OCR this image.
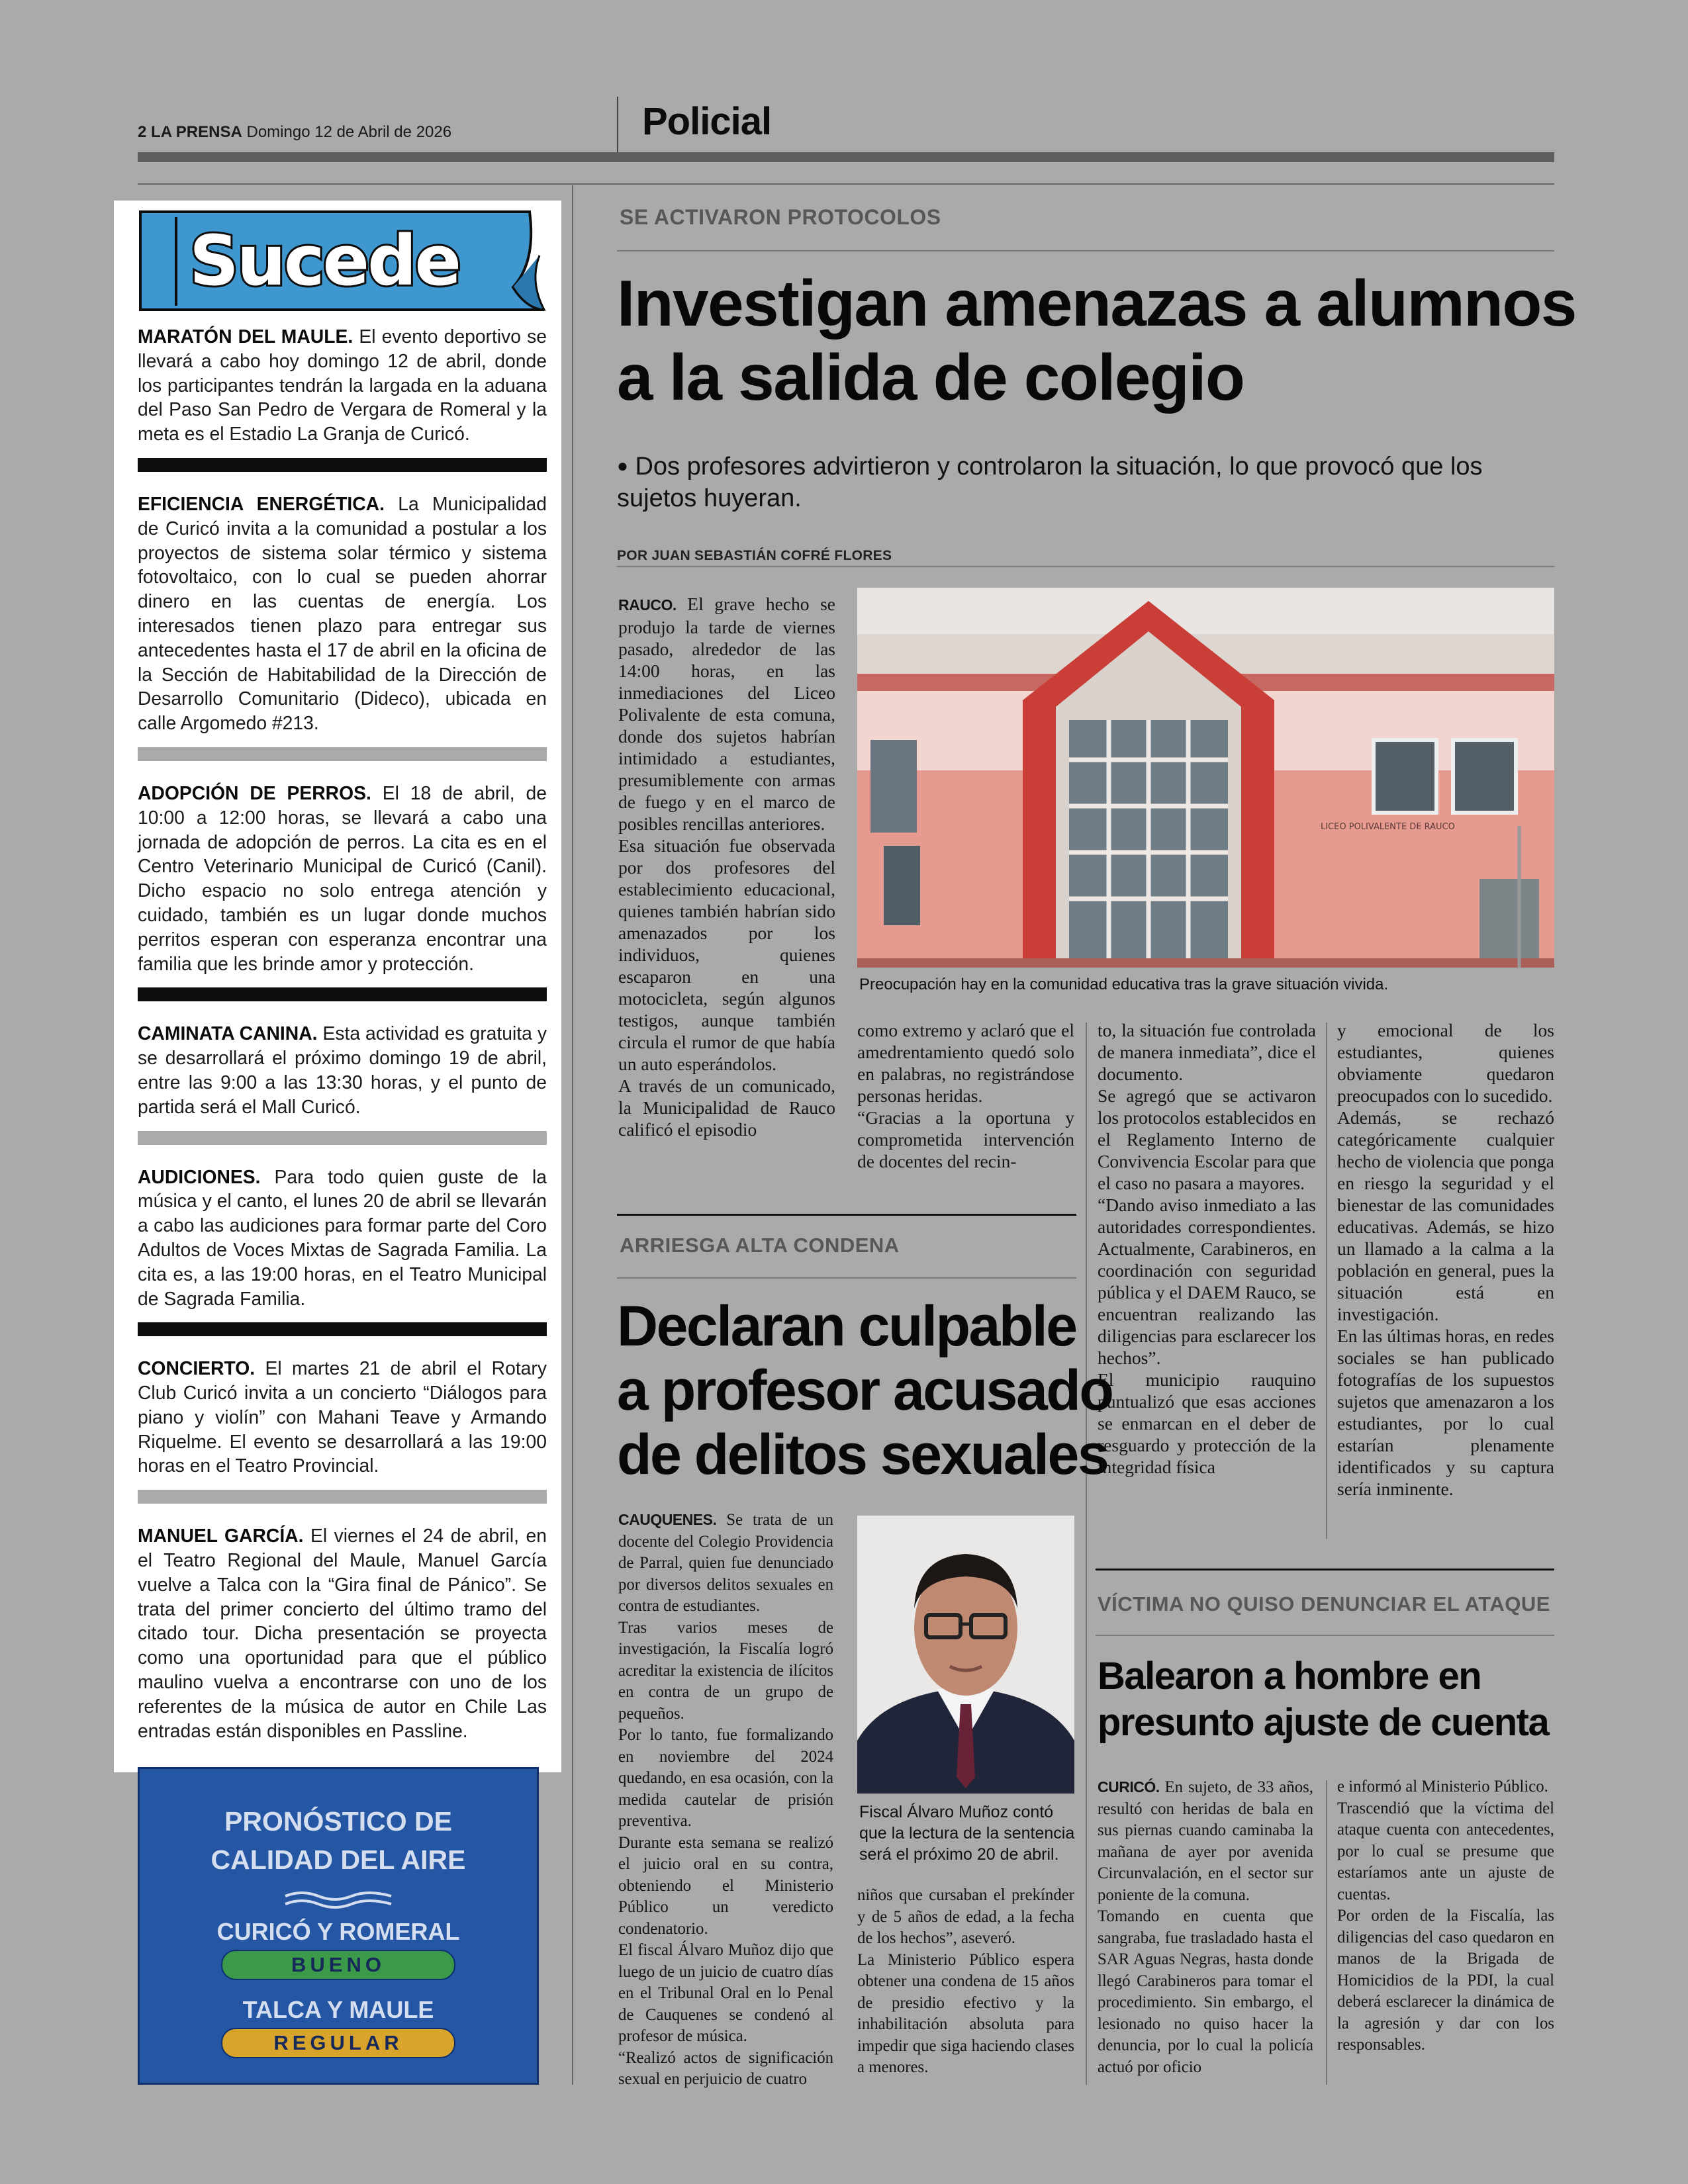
2 LA PRENSA Domingo 12 de Abril de 2026	Policial
Sucede

MARATÓN DEL MAULE. El evento deportivo se llevará a cabo hoy domingo 12 de abril, donde los participantes tendrán la largada en la aduana del Paso San Pedro de Vergara de Romeral y la meta es el Estadio La Granja de Curicó.

EFICIENCIA ENERGÉTICA. La Municipalidad de Curicó invita a la comunidad a postular a los proyectos de sistema solar térmico y sistema fotovoltaico, con lo cual se pueden ahorrar dinero en las cuentas de energía. Los interesados tienen plazo para entregar sus antecedentes hasta el 17 de abril en la oficina de la Sección de Habitabilidad de la Dirección de Desarrollo Comunitario (Dideco), ubicada en calle Argomedo #213.

ADOPCIÓN DE PERROS. El 18 de abril, de 10:00 a 12:00 horas, se llevará a cabo una jornada de adopción de perros. La cita es en el Centro Veterinario Municipal de Curicó (Canil). Dicho espacio no solo entrega atención y cuidado, también es un lugar donde muchos perritos esperan con esperanza encontrar una familia que les brinde amor y protección.

CAMINATA CANINA. Esta actividad es gratuita y se desarrollará el próximo domingo 19 de abril, entre las 9:00 a las 13:30 horas, y el punto de partida será el Mall Curicó.

AUDICIONES. Para todo quien guste de la música y el canto, el lunes 20 de abril se llevarán a cabo las audiciones para formar parte del Coro Adultos de Voces Mixtas de Sagrada Familia. La cita es, a las 19:00 horas, en el Teatro Municipal de Sagrada Familia.

CONCIERTO. El martes 21 de abril el Rotary Club Curicó invita a un concierto “Diálogos para piano y violín” con Mahani Teave y Armando Riquelme. El evento se desarrollará a las 19:00 horas en el Teatro Provincial.

MANUEL GARCÍA. El viernes el 24 de abril, en el Teatro Regional del Maule, Manuel García vuelve a Talca con la “Gira final de Pánico”. Se trata del primer concierto del último tramo del citado tour. Dicha presentación se proyecta como una oportunidad para que el público maulino vuelva a encontrarse con uno de los referentes de la música de autor en Chile Las entradas están disponibles en Passline.

PRONÓSTICO DE
CALIDAD DEL AIRE
CURICÓ Y ROMERAL
BUENO
TALCA Y MAULE
REGULAR
SE ACTIVARON PROTOCOLOS
Investigan amenazas a alumnos
a la salida de colegio
● Dos profesores advirtieron y controlaron la situación, lo que provocó que los sujetos huyeran.
POR JUAN SEBASTIÁN COFRÉ FLORES

RAUCO. El grave hecho se produjo la tarde de viernes pasado, alrededor de las 14:00 horas, en las inmediaciones del Liceo Polivalente de esta comuna, donde dos sujetos habrían intimidado a estudiantes, presumiblemente con armas de fuego y en el marco de posibles rencillas anteriores.

Esa situación fue observada por dos profesores del establecimiento educacional, quienes también habrían sido amenazados por los individuos, quienes escaparon en una motocicleta, según algunos testigos, aunque también circula el rumor de que había un auto esperándolos.

A través de un comunicado, la Municipalidad de Rauco calificó el episodio

LICEO POLIVALENTE DE RAUCO
Preocupación hay en la comunidad educativa tras la grave situación vivida.

como extremo y aclaró que el amedrentamiento quedó solo en palabras, no registrándose personas heridas.

“Gracias a la oportuna y comprometida intervención de docentes del recin-

to, la situación fue controlada de manera inmediata”, dice el documento.

Se agregó que se activaron los protocolos establecidos en el Reglamento Interno de Convivencia Escolar para que el caso no pasara a mayores.

“Dando aviso inmediato a las autoridades correspondientes. Actualmente, Carabineros, en coordinación con seguridad pública y el DAEM Rauco, se encuentran realizando las diligencias para esclarecer los hechos”.

El municipio rauquino puntualizó que esas acciones se enmarcan en el deber de resguardo y protección de la integridad física

y emocional de los estudiantes, quienes obviamente quedaron preocupados con lo sucedido.

Además, se rechazó categóricamente cualquier hecho de violencia que ponga en riesgo la seguridad y el bienestar de las comunidades educativas. Además, se hizo un llamado a la calma a la población en general, pues la situación está en investigación.

En las últimas horas, en redes sociales se han publicado fotografías de los supuestos sujetos que amenazaron a los estudiantes, por lo cual estarían plenamente identificados y su captura sería inminente.

ARRIESGA ALTA CONDENA
Declaran culpable
a profesor acusado
de delitos sexuales

CAUQUENES. Se trata de un docente del Colegio Providencia de Parral, quien fue denunciado por diversos delitos sexuales en contra de estudiantes.

Tras varios meses de investigación, la Fiscalía logró acreditar la existencia de ilícitos en contra de un grupo de pequeños.

Por lo tanto, fue formalizando en noviembre del 2024 quedando, en esa ocasión, con la medida cautelar de prisión preventiva.

Durante esta semana se realizó el juicio oral en su contra, obteniendo el Ministerio Público un veredicto condenatorio.

El fiscal Álvaro Muñoz dijo que luego de un juicio de cuatro días en el Tribunal Oral en lo Penal de Cauquenes se condenó al profesor de música.

“Realizó actos de significación sexual en perjuicio de cuatro

Fiscal Álvaro Muñoz contó que la lectura de la sentencia será el próximo 20 de abril.

niños que cursaban el prekínder y de 5 años de edad, a la fecha de los hechos”, aseveró.

La Ministerio Público espera obtener una condena de 15 años de presidio efectivo y la inhabilitación absoluta para impedir que siga haciendo clases a menores.

VÍCTIMA NO QUISO DENUNCIAR EL ATAQUE
Balearon a hombre en
presunto ajuste de cuenta

CURICÓ. En sujeto, de 33 años, resultó con heridas de bala en sus piernas cuando caminaba la mañana de ayer por avenida Circunvalación, en el sector sur poniente de la comuna.

Tomando en cuenta que sangraba, fue trasladado hasta el SAR Aguas Negras, hasta donde llegó Carabineros para tomar el procedimiento. Sin embargo, el lesionado no quiso hacer la denuncia, por lo cual la policía actuó por oficio

e informó al Ministerio Público.

Trascendió que la víctima del ataque cuenta con antecedentes, por lo cual se presume que estaríamos ante un ajuste de cuentas.

Por orden de la Fiscalía, las diligencias del caso quedaron en manos de la Brigada de Homicidios de la PDI, la cual deberá esclarecer la dinámica de la agresión y dar con los responsables.
